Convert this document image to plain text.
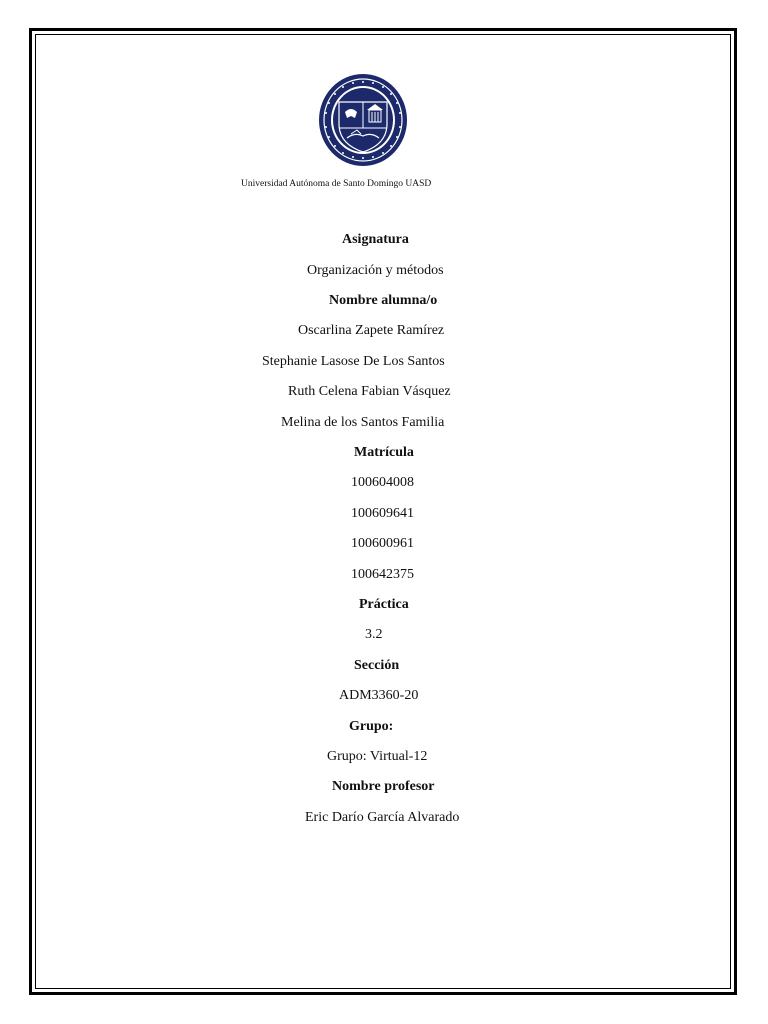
Universidad Autónoma de Santo Domingo UASD
Asignatura
Organización y métodos
Nombre alumna/o
Oscarlina Zapete Ramírez
Stephanie Lasose De Los Santos
Ruth Celena Fabian Vásquez
Melina de los Santos Familia
Matrícula
100604008
100609641
100600961
100642375
Práctica
3.2
Sección
ADM3360-20
Grupo:
Grupo: Virtual-12
Nombre profesor
Eric Darío García Alvarado
